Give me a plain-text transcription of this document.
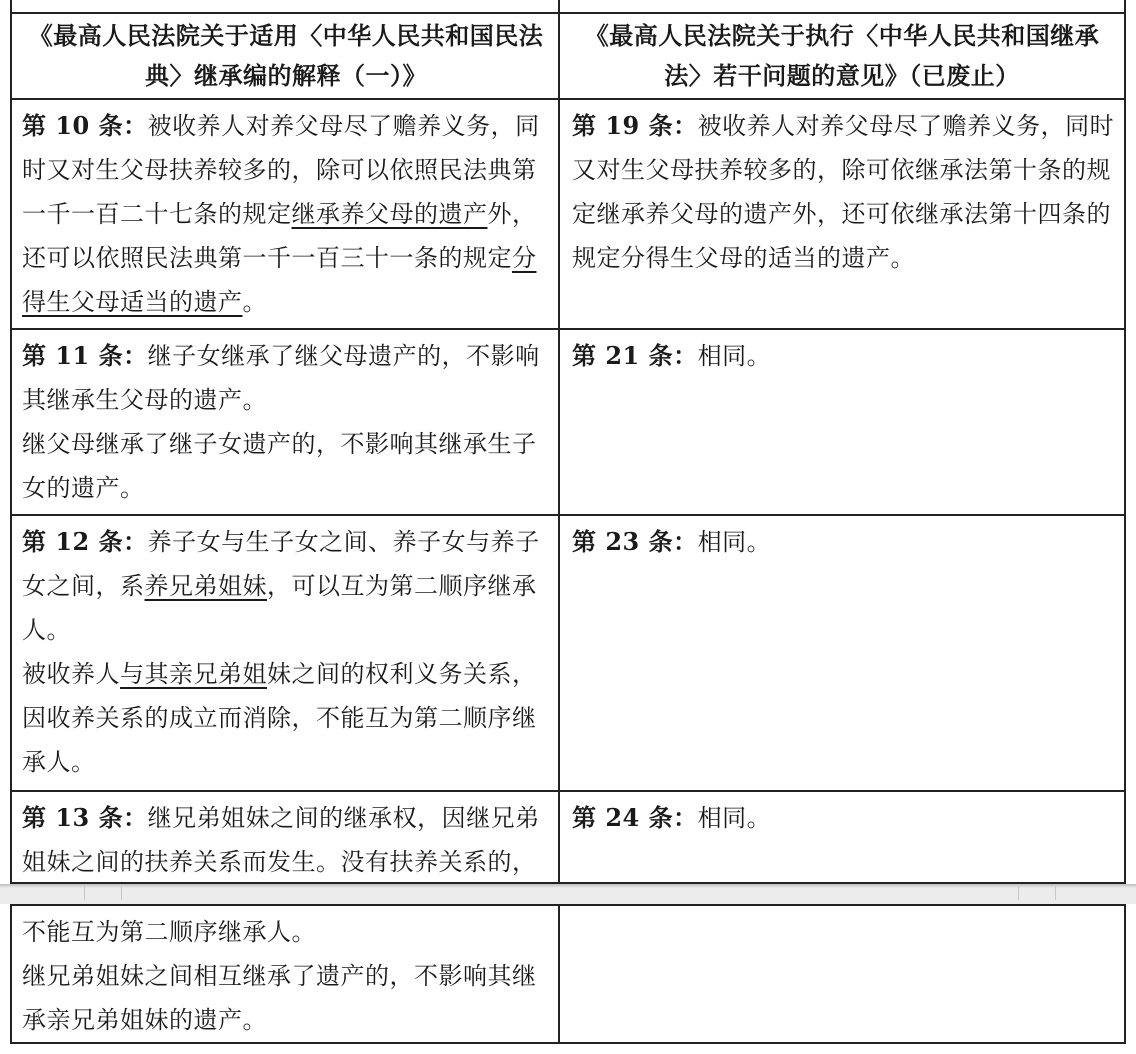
《最高人民法院关于适用〈中华人民共和国民法典〉继承编的解释（一）》
《最高人民法院关于执行〈中华人民共和国继承法〉若干问题的意见》（已废止）
第 10 条：被收养人对养父母尽了赡养义务，同时又对生父母扶养较多的，除可以依照民法典第一千一百二十七条的规定继承养父母的遗产外，还可以依照民法典第一千一百三十一条的规定分得生父母适当的遗产。
第 19 条：被收养人对养父母尽了赡养义务，同时又对生父母扶养较多的，除可依继承法第十条的规定继承养父母的遗产外，还可依继承法第十四条的规定分得生父母的适当的遗产。
第 11 条：继子女继承了继父母遗产的，不影响其继承生父母的遗产。
继父母继承了继子女遗产的，不影响其继承生子女的遗产。
第 21 条：相同。
第 12 条：养子女与生子女之间、养子女与养子女之间，系养兄弟姐妹，可以互为第二顺序继承人。
被收养人与其亲兄弟姐妹之间的权利义务关系，因收养关系的成立而消除，不能互为第二顺序继承人。
第 23 条：相同。
第 13 条：继兄弟姐妹之间的继承权，因继兄弟姐妹之间的扶养关系而发生。没有扶养关系的，
第 24 条：相同。
不能互为第二顺序继承人。
继兄弟姐妹之间相互继承了遗产的，不影响其继承亲兄弟姐妹的遗产。
